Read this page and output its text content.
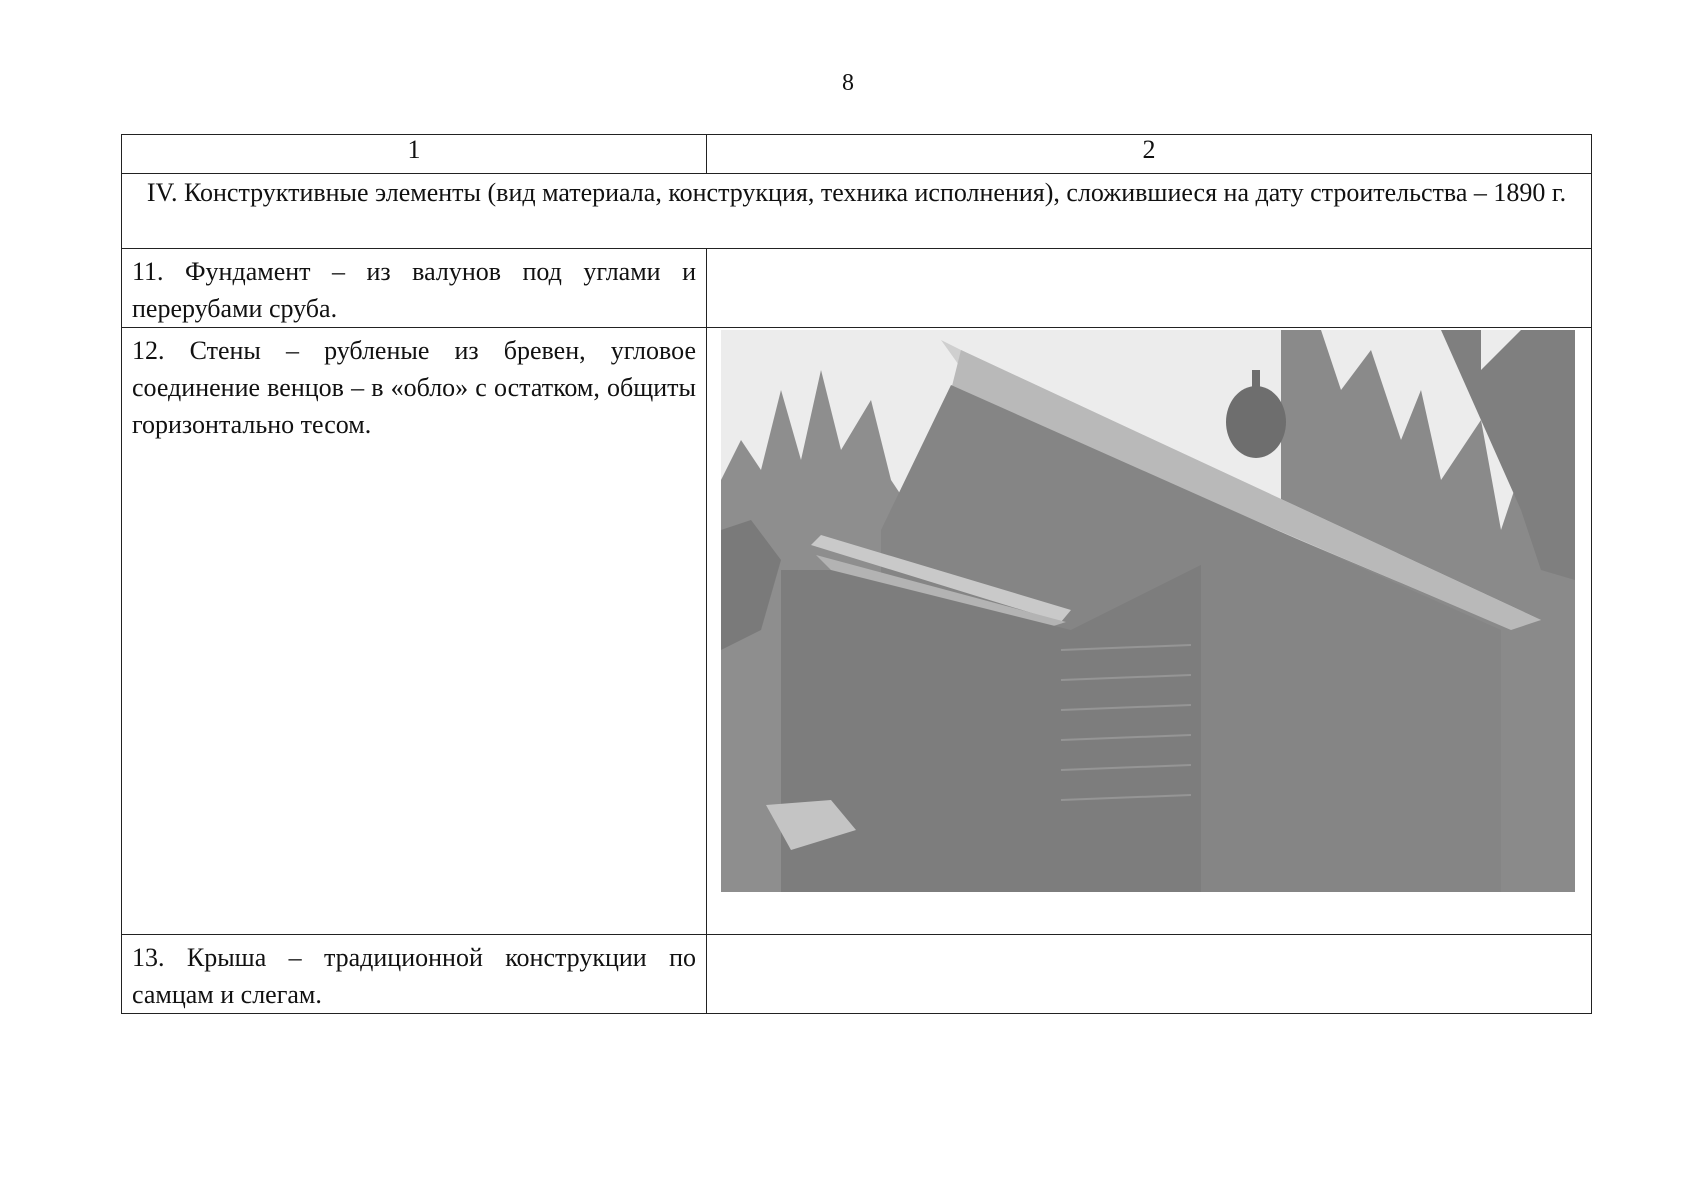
8
1	2
IV. Конструктивные элементы (вид материала, конструкция, техника исполнения), сложившиеся на дату строительства – 1890 г.	

11. Фундамент – из валунов под углами и перерубами сруба.	

12. Стены – рубленые из бревен, угловое соединение венцов – в «обло» с остатком, общиты горизонтально тесом.

13. Крыша – традиционной конструкции по самцам и слегам.	
